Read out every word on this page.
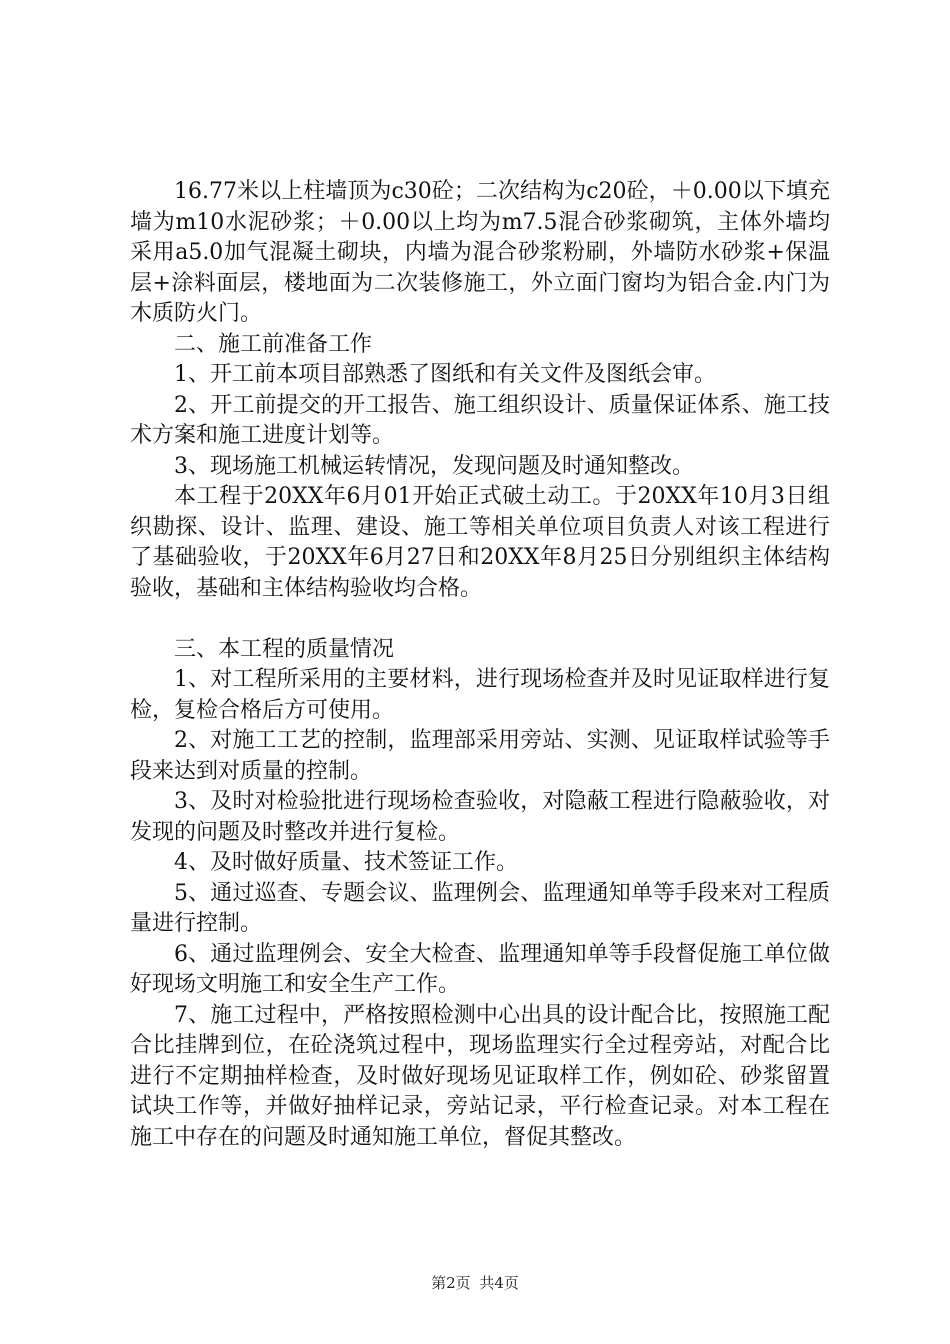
16.77米以上柱墙顶为c30砼；二次结构为c20砼，＋0.00以下填充墙为m10水泥砂浆；＋0.00以上均为m7.5混合砂浆砌筑，主体外墙均采用a5.0加气混凝土砌块，内墙为混合砂浆粉刷，外墙防水砂浆+保温层+涂料面层，楼地面为二次装修施工，外立面门窗均为铝合金.内门为木质防火门。

二、施工前准备工作

1、开工前本项目部熟悉了图纸和有关文件及图纸会审。

2、开工前提交的开工报告、施工组织设计、质量保证体系、施工技术方案和施工进度计划等。

3、现场施工机械运转情况，发现问题及时通知整改。

本工程于20XX年6月01开始正式破土动工。于20XX年10月3日组织勘探、设计、监理、建设、施工等相关单位项目负责人对该工程进行了基础验收，于20XX年6月27日和20XX年8月25日分别组织主体结构验收，基础和主体结构验收均合格。

三、本工程的质量情况

1、对工程所采用的主要材料，进行现场检查并及时见证取样进行复检，复检合格后方可使用。

2、对施工工艺的控制，监理部采用旁站、实测、见证取样试验等手段来达到对质量的控制。

3、及时对检验批进行现场检查验收，对隐蔽工程进行隐蔽验收，对发现的问题及时整改并进行复检。

4、及时做好质量、技术签证工作。

5、通过巡查、专题会议、监理例会、监理通知单等手段来对工程质量进行控制。

6、通过监理例会、安全大检查、监理通知单等手段督促施工单位做好现场文明施工和安全生产工作。

7、施工过程中，严格按照检测中心出具的设计配合比，按照施工配合比挂牌到位，在砼浇筑过程中，现场监理实行全过程旁站，对配合比进行不定期抽样检查，及时做好现场见证取样工作，例如砼、砂浆留置试块工作等，并做好抽样记录，旁站记录，平行检查记录。对本工程在施工中存在的问题及时通知施工单位，督促其整改。

第2页 共4页
